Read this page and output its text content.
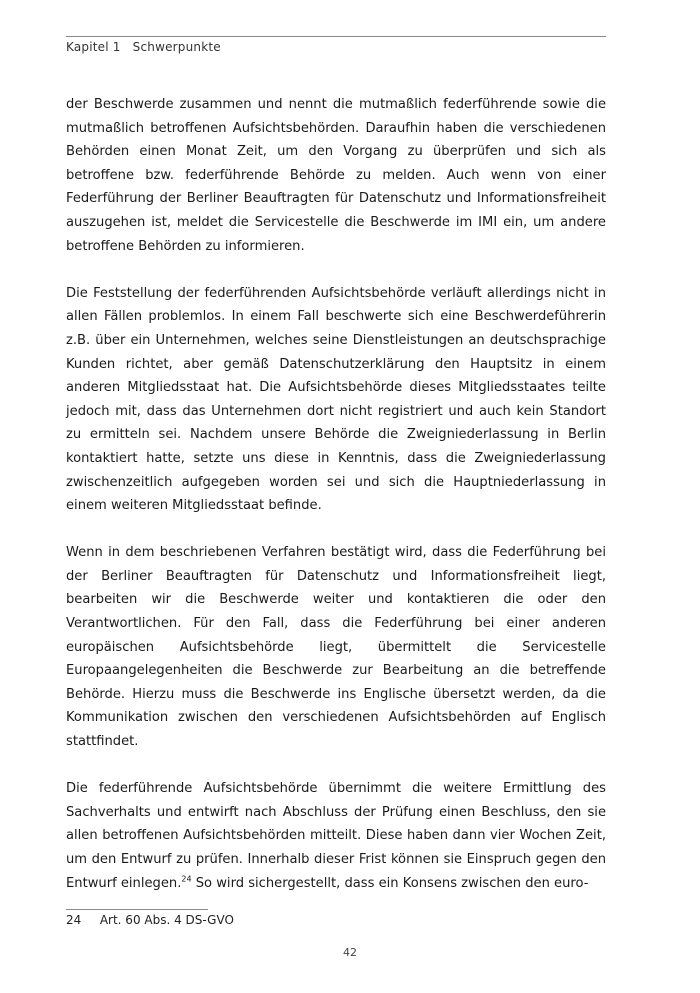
Kapitel 1 Schwerpunkte

der Beschwerde zusammen und nennt die mutmaßlich federführende sowie die mutmaßlich betroffenen Aufsichtsbehörden. Daraufhin haben die verschiedenen Behörden einen Monat Zeit, um den Vorgang zu überprüfen und sich als betroffene bzw. federführende Behörde zu melden. Auch wenn von einer Federführung der Berliner Beauftragten für Datenschutz und Informationsfreiheit auszugehen ist, meldet die Servicestelle die Beschwerde im IMI ein, um andere betroffene Behörden zu informieren.

Die Feststellung der federführenden Aufsichtsbehörde verläuft allerdings nicht in allen Fällen problemlos. In einem Fall beschwerte sich eine Beschwerdeführerin z.B. über ein Unternehmen, welches seine Dienstleistungen an deutschsprachige Kunden richtet, aber gemäß Datenschutzerklärung den Hauptsitz in einem anderen Mitgliedsstaat hat. Die Aufsichtsbehörde dieses Mitgliedsstaates teilte jedoch mit, dass das Unternehmen dort nicht registriert und auch kein Standort zu ermitteln sei. Nachdem unsere Behörde die Zweigniederlassung in Berlin kontaktiert hatte, setzte uns diese in Kenntnis, dass die Zweigniederlassung zwischenzeitlich aufgegeben worden sei und sich die Hauptniederlassung in einem weiteren Mitgliedsstaat befinde.

Wenn in dem beschriebenen Verfahren bestätigt wird, dass die Federführung bei der Berliner Beauftragten für Datenschutz und Informationsfreiheit liegt, bearbeiten wir die Beschwerde weiter und kontaktieren die oder den Verantwortlichen. Für den Fall, dass die Federführung bei einer anderen europäischen Aufsichtsbehörde liegt, übermittelt die Servicestelle Europaangelegenheiten die Beschwerde zur Bearbeitung an die betreffende Behörde. Hierzu muss die Beschwerde ins Englische übersetzt werden, da die Kommunikation zwischen den verschiedenen Aufsichtsbehörden auf Englisch stattfindet.

Die federführende Aufsichtsbehörde übernimmt die weitere Ermittlung des Sachverhalts und entwirft nach Abschluss der Prüfung einen Beschluss, den sie allen betroffenen Aufsichtsbehörden mitteilt. Diese haben dann vier Wochen Zeit, um den Entwurf zu prüfen. Innerhalb dieser Frist können sie Einspruch gegen den Entwurf einlegen.$^{24}$ So wird sichergestellt, dass ein Konsens zwischen den euro-

24 Art. 60 Abs. 4 DS-GVO
42
